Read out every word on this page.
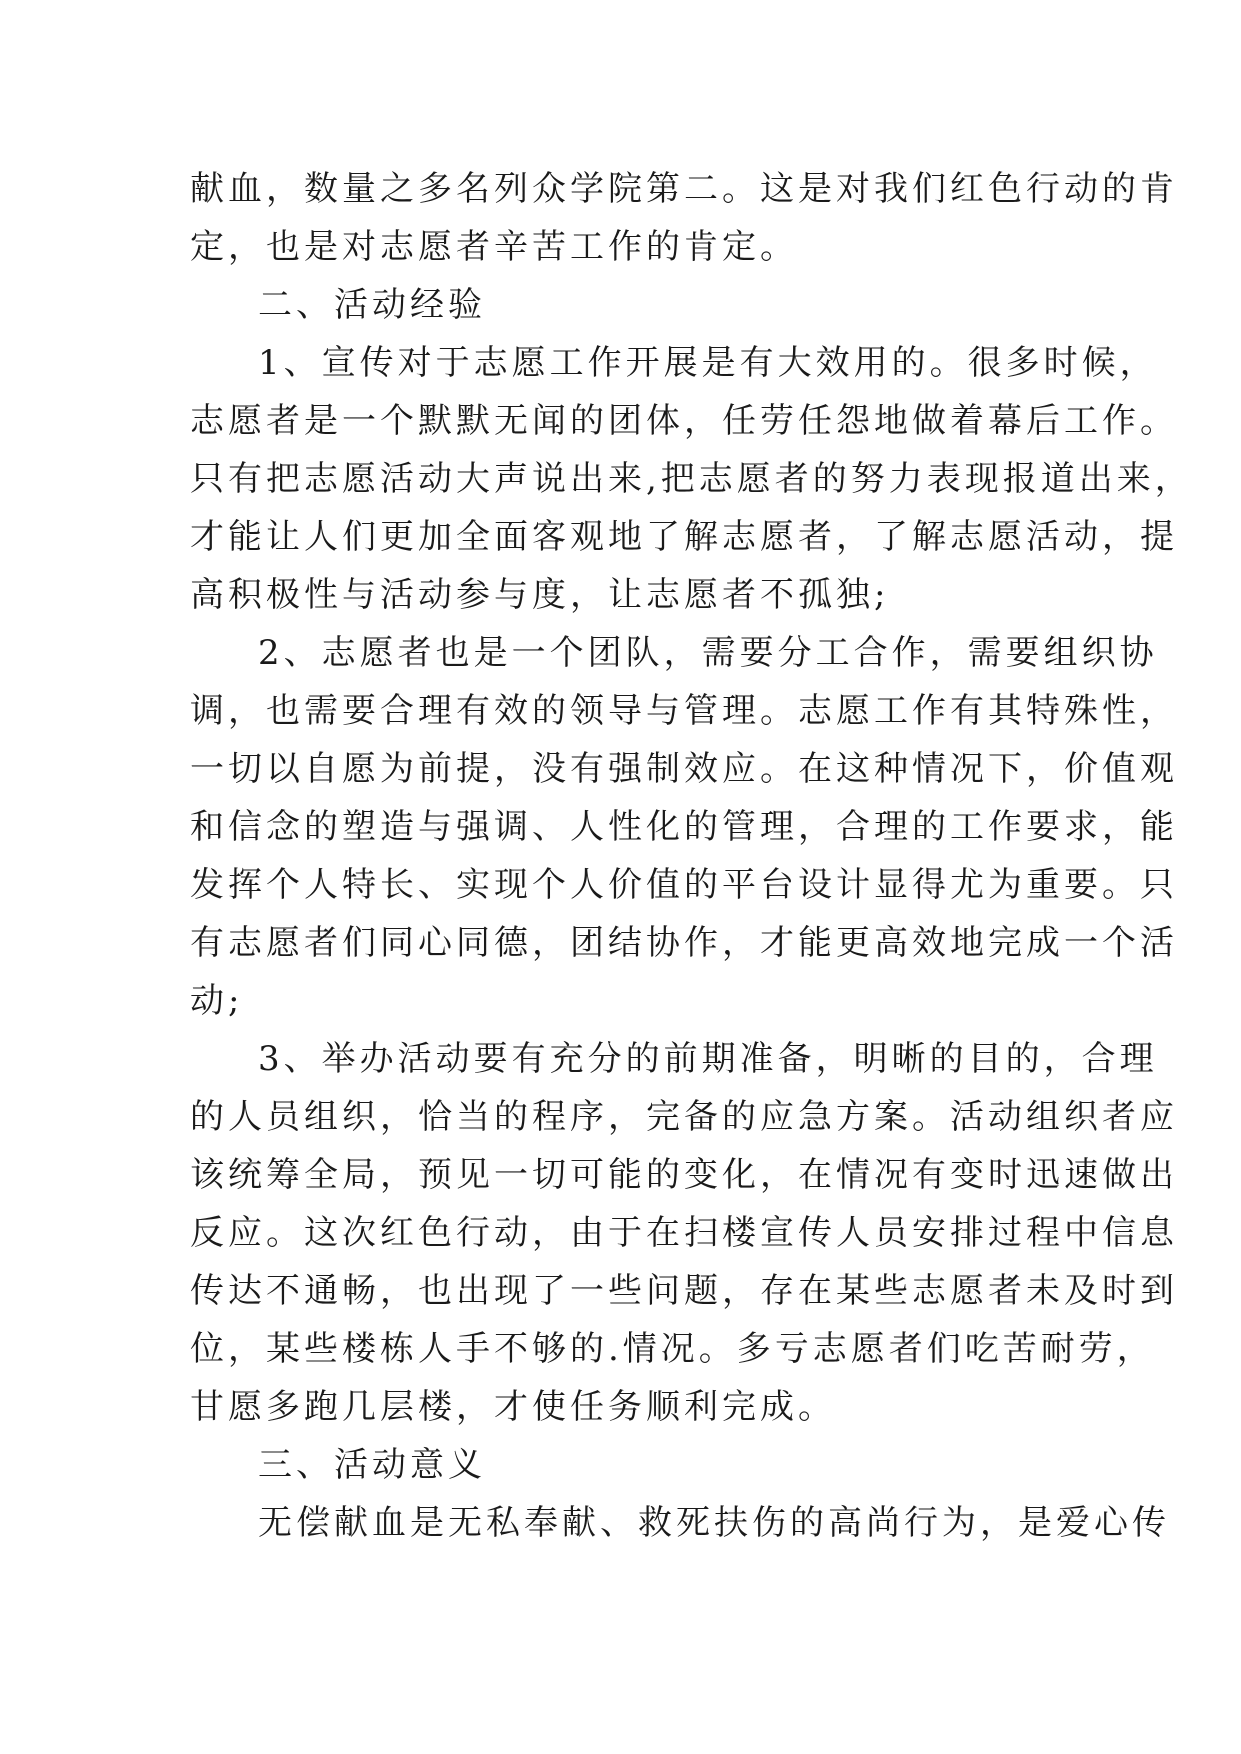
献血，数量之多名列众学院第二。这是对我们红色行动的肯
定，也是对志愿者辛苦工作的肯定。
二、活动经验
1、宣传对于志愿工作开展是有大效用的。很多时候，
志愿者是一个默默无闻的团体，任劳任怨地做着幕后工作。
只有把志愿活动大声说出来,把志愿者的努力表现报道出来，
才能让人们更加全面客观地了解志愿者，了解志愿活动，提
高积极性与活动参与度，让志愿者不孤独;
2、志愿者也是一个团队，需要分工合作，需要组织协
调，也需要合理有效的领导与管理。志愿工作有其特殊性，
一切以自愿为前提，没有强制效应。在这种情况下，价值观
和信念的塑造与强调、人性化的管理，合理的工作要求，能
发挥个人特长、实现个人价值的平台设计显得尤为重要。只
有志愿者们同心同德，团结协作，才能更高效地完成一个活
动;
3、举办活动要有充分的前期准备，明晰的目的，合理
的人员组织，恰当的程序，完备的应急方案。活动组织者应
该统筹全局，预见一切可能的变化，在情况有变时迅速做出
反应。这次红色行动，由于在扫楼宣传人员安排过程中信息
传达不通畅，也出现了一些问题，存在某些志愿者未及时到
位，某些楼栋人手不够的.情况。多亏志愿者们吃苦耐劳，
甘愿多跑几层楼，才使任务顺利完成。
三、活动意义
无偿献血是无私奉献、救死扶伤的高尚行为，是爱心传
